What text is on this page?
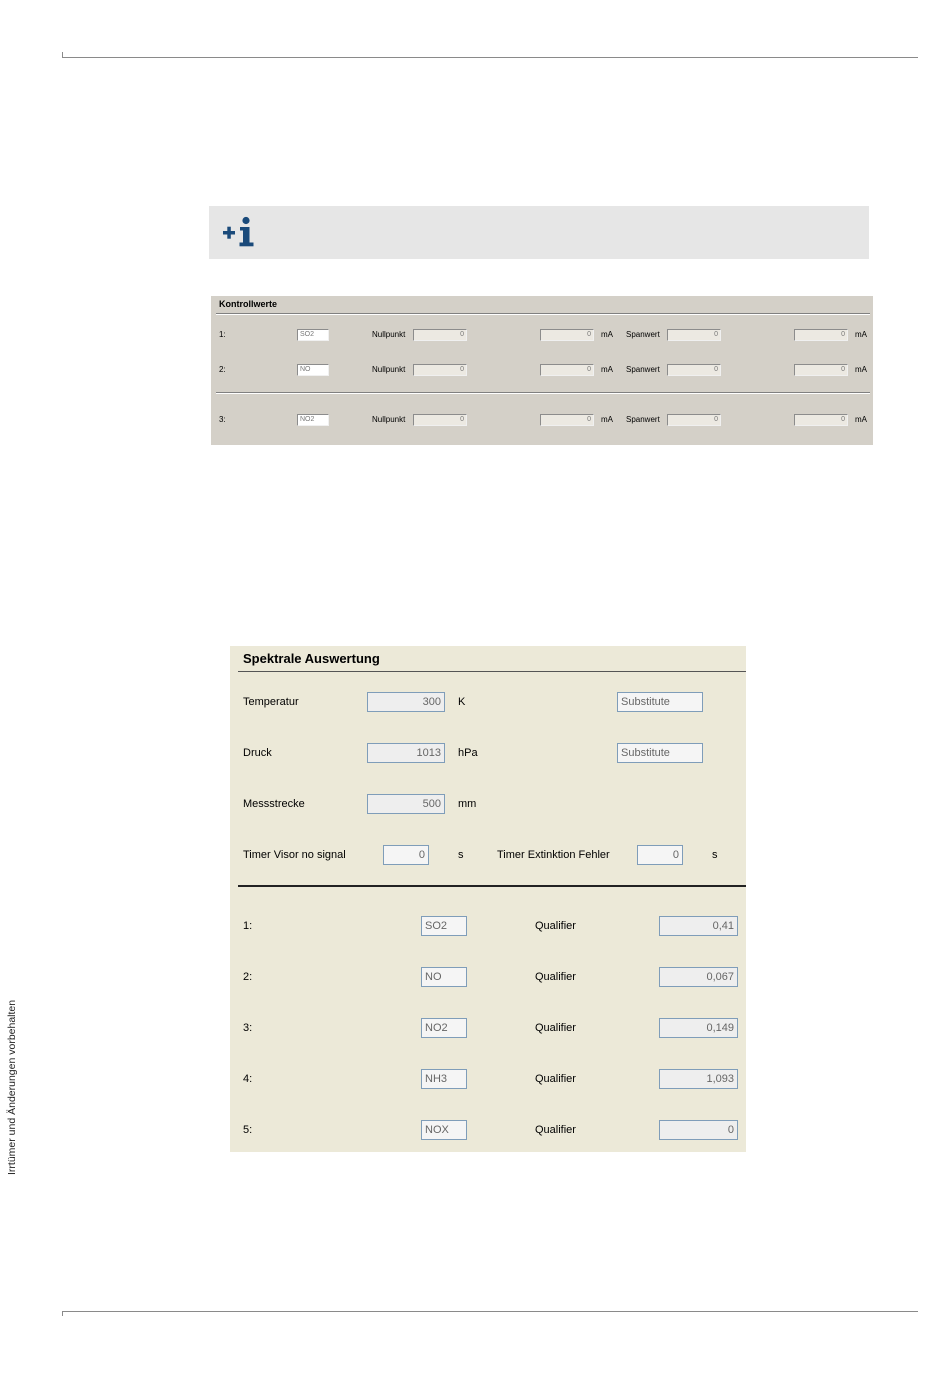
Kontrollwerte
1:	SO2	Nullpunkt	0	0	mA Spanwert	0	0	mA
2:	NO	Nullpunkt	0	0	mA Spanwert	0	0	mA
3:	NO2	Nullpunkt	0	0	mA Spanwert	0	0	mA
Spektrale Auswertung
Temperatur	300	K	Substitute
Druck	1013	hPa	Substitute
Messstrecke	500	mm
Timer Visor no signal	0	s	Timer Extinktion Fehler	0	s
1:	SO2	Qualifier	0,41
2:	NO	Qualifier	0,067
3:	NO2	Qualifier	0,149
4:	NH3	Qualifier	1,093
5:	NOX	Qualifier	0
Irrtümer und Änderungen vorbehalten
